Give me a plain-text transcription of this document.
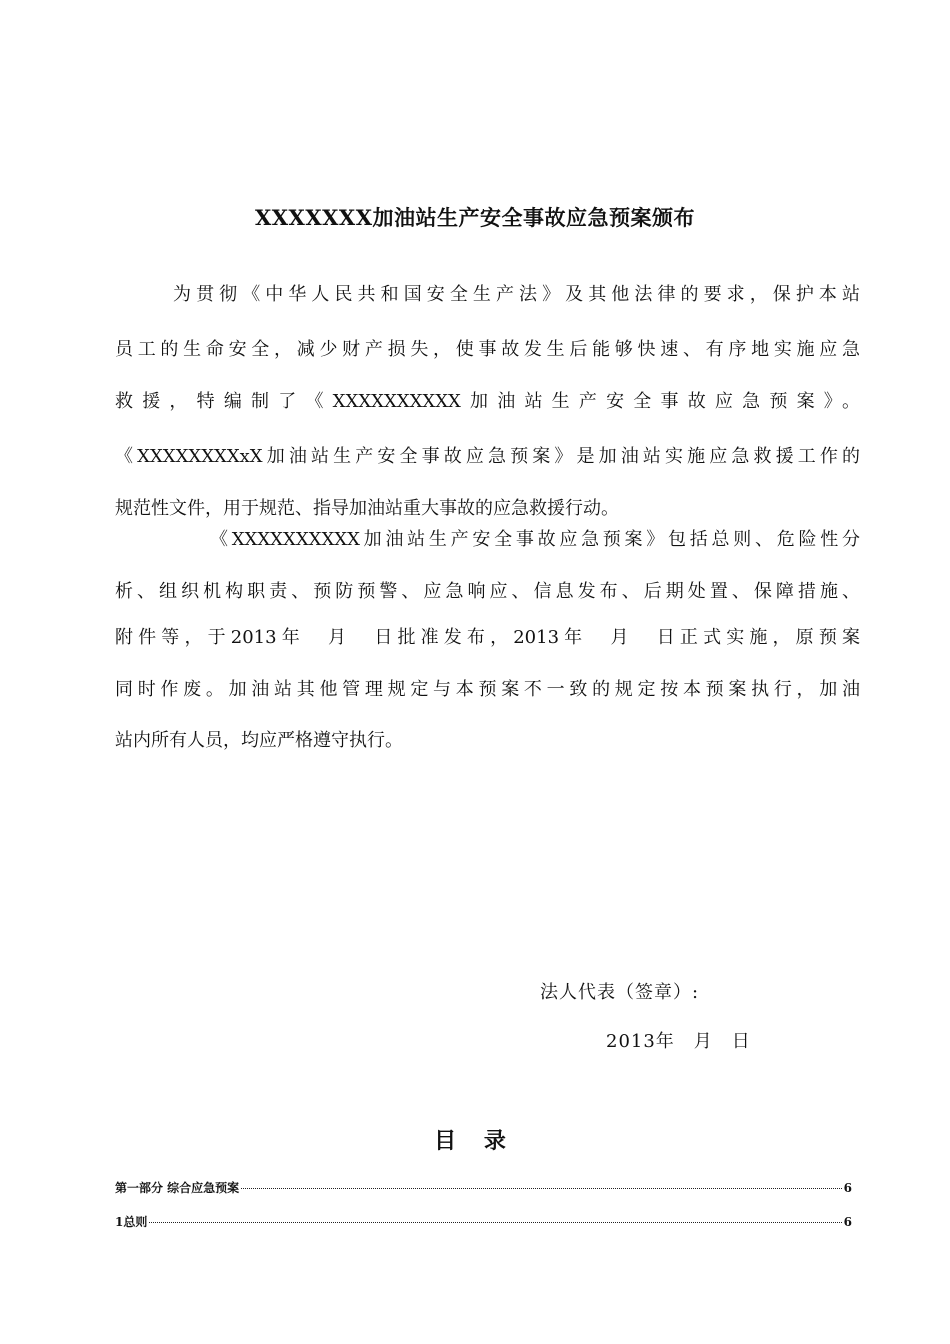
XXXXXXX加油站生产安全事故应急预案颁布
为贯彻《中华人民共和国安全生产法》及其他法律的要求，保护本站
员工的生命安全，减少财产损失，使事故发生后能够快速、有序地实施应急
救援，特编制了《XXXXXXXXXX加油站生产安全事故应急预案》。
《XXXXXXXXxX加油站生产安全事故应急预案》是加油站实施应急救援工作的
规范性文件，用于规范、指导加油站重大事故的应急救援行动。
《XXXXXXXXXX加油站生产安全事故应急预案》包括总则、危险性分
析、组织机构职责、预防预警、应急响应、信息发布、后期处置、保障措施、
附件等，于2013年　月　日批准发布，2013年　月　日正式实施，原预案
同时作废。加油站其他管理规定与本预案不一致的规定按本预案执行，加油
站内所有人员，均应严格遵守执行。
法人代表（签章）:
2013年　月　日
目 录
第一部分 综合应急预案	6
1总则	6
